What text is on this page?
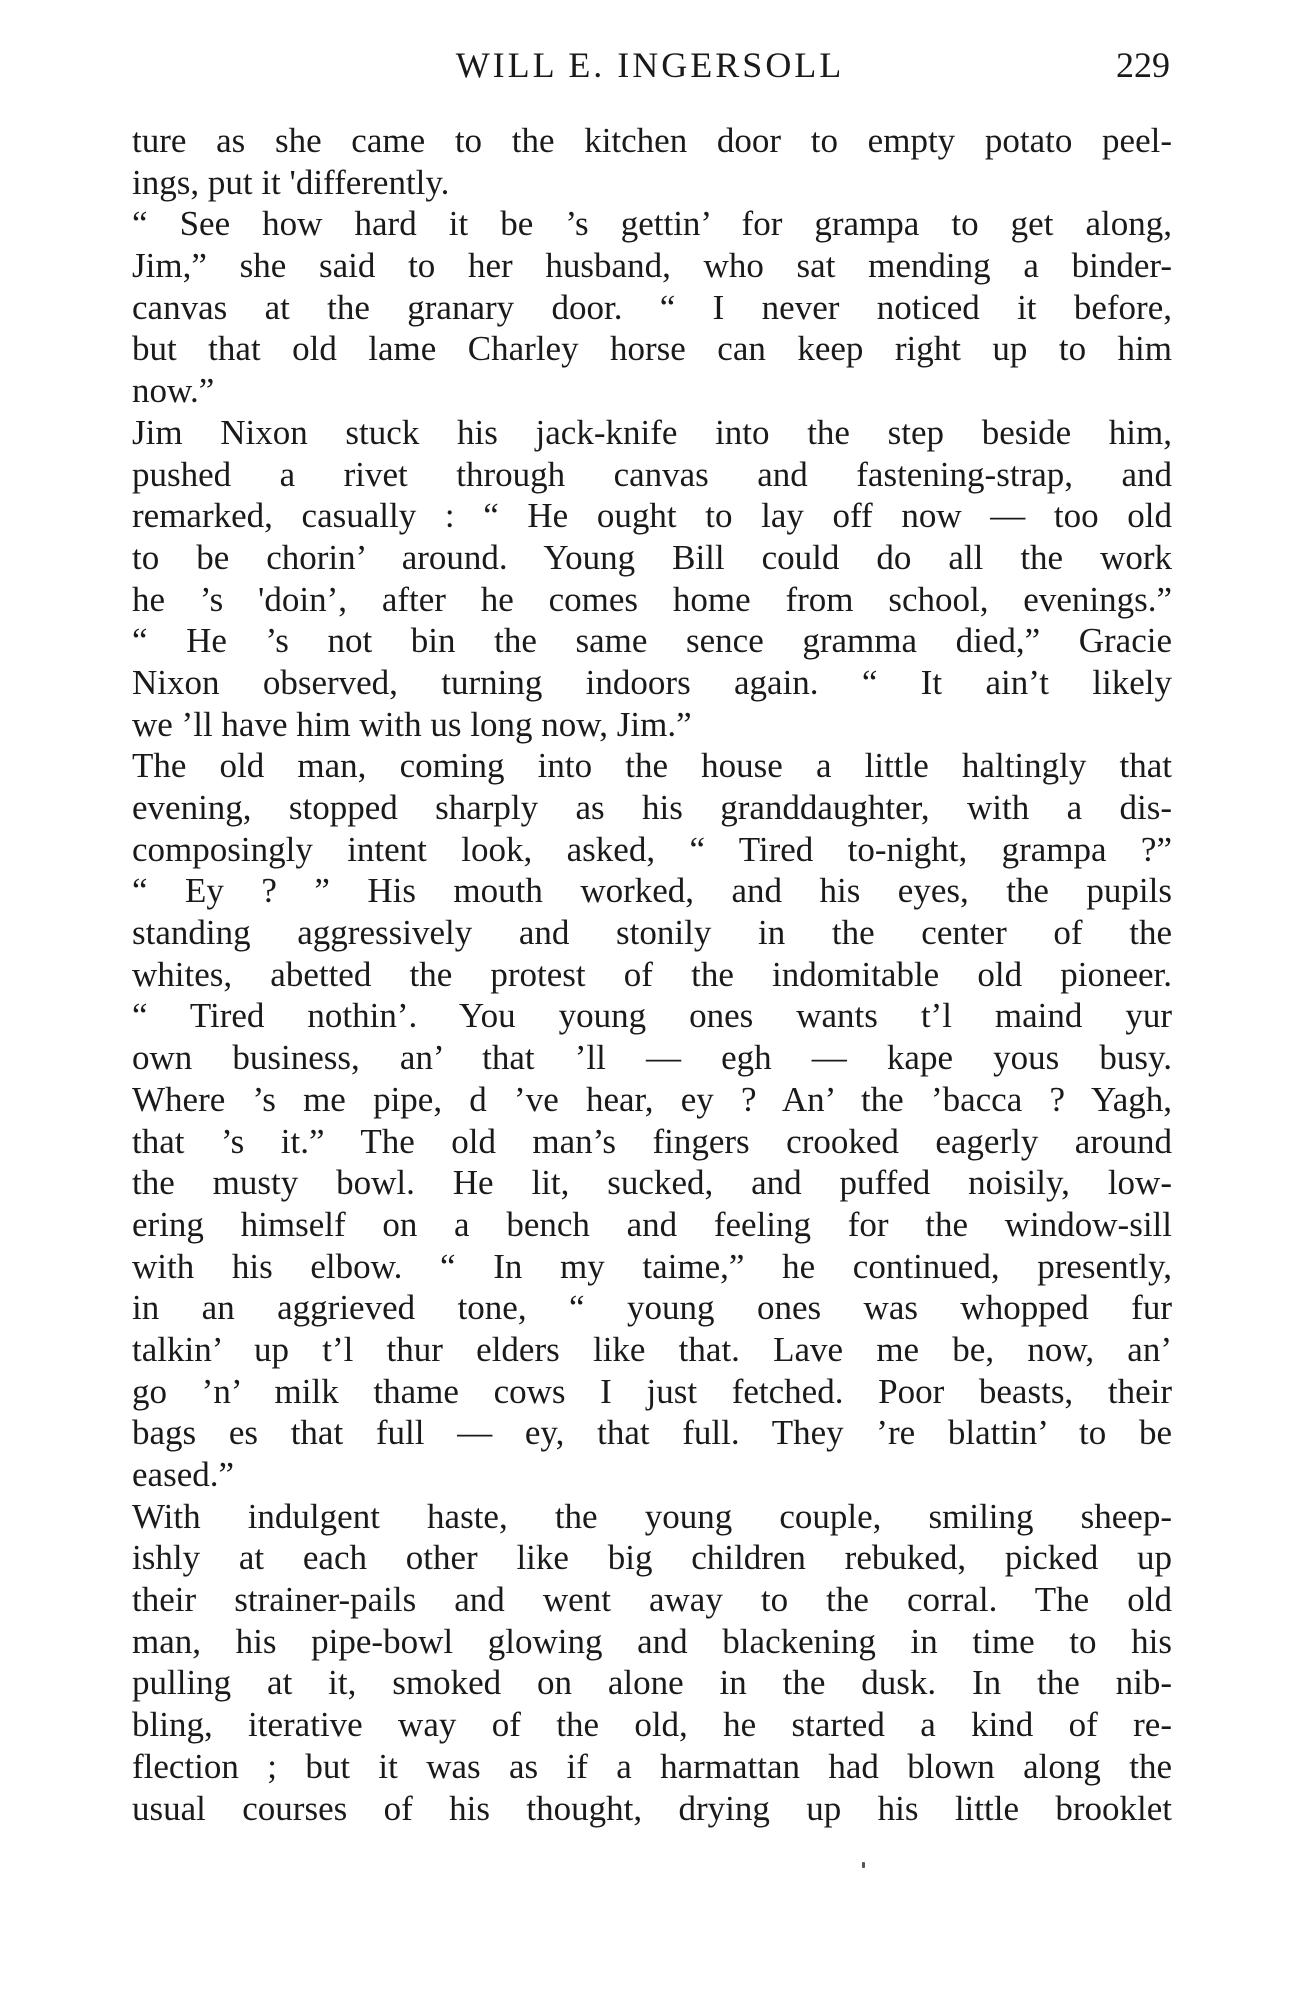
WILL E. INGERSOLL	229
ture as she came to the kitchen door to empty potato peel-
ings, put it 'differently.
“ See how hard it be ’s gettin’ for grampa to get along,
Jim,” she said to her husband, who sat mending a binder-
canvas at the granary door. “ I never noticed it before,
but that old lame Charley horse can keep right up to him
now.”
Jim Nixon stuck his jack-knife into the step beside him,
pushed a rivet through canvas and fastening-strap, and
remarked, casually : “ He ought to lay off now — too old
to be chorin’ around. Young Bill could do all the work
he ’s 'doin’, after he comes home from school, evenings.”
“ He ’s not bin the same sence gramma died,” Gracie
Nixon observed, turning indoors again. “ It ain’t likely
we ’ll have him with us long now, Jim.”
The old man, coming into the house a little haltingly that
evening, stopped sharply as his granddaughter, with a dis-
composingly intent look, asked, “ Tired to-night, grampa ?”
“ Ey ? ” His mouth worked, and his eyes, the pupils
standing aggressively and stonily in the center of the
whites, abetted the protest of the indomitable old pioneer.
“ Tired nothin’. You young ones wants t’l maind yur
own business, an’ that ’ll — egh — kape yous busy.
Where ’s me pipe, d ’ve hear, ey ? An’ the ’bacca ? Yagh,
that ’s it.” The old man’s fingers crooked eagerly around
the musty bowl. He lit, sucked, and puffed noisily, low-
ering himself on a bench and feeling for the window-sill
with his elbow. “ In my taime,” he continued, presently,
in an aggrieved tone, “ young ones was whopped fur
talkin’ up t’l thur elders like that. Lave me be, now, an’
go ’n’ milk thame cows I just fetched. Poor beasts, their
bags es that full — ey, that full. They ’re blattin’ to be
eased.”
With indulgent haste, the young couple, smiling sheep-
ishly at each other like big children rebuked, picked up
their strainer-pails and went away to the corral. The old
man, his pipe-bowl glowing and blackening in time to his
pulling at it, smoked on alone in the dusk. In the nib-
bling, iterative way of the old, he started a kind of re-
flection ; but it was as if a harmattan had blown along the
usual courses of his thought, drying up his little brooklet
